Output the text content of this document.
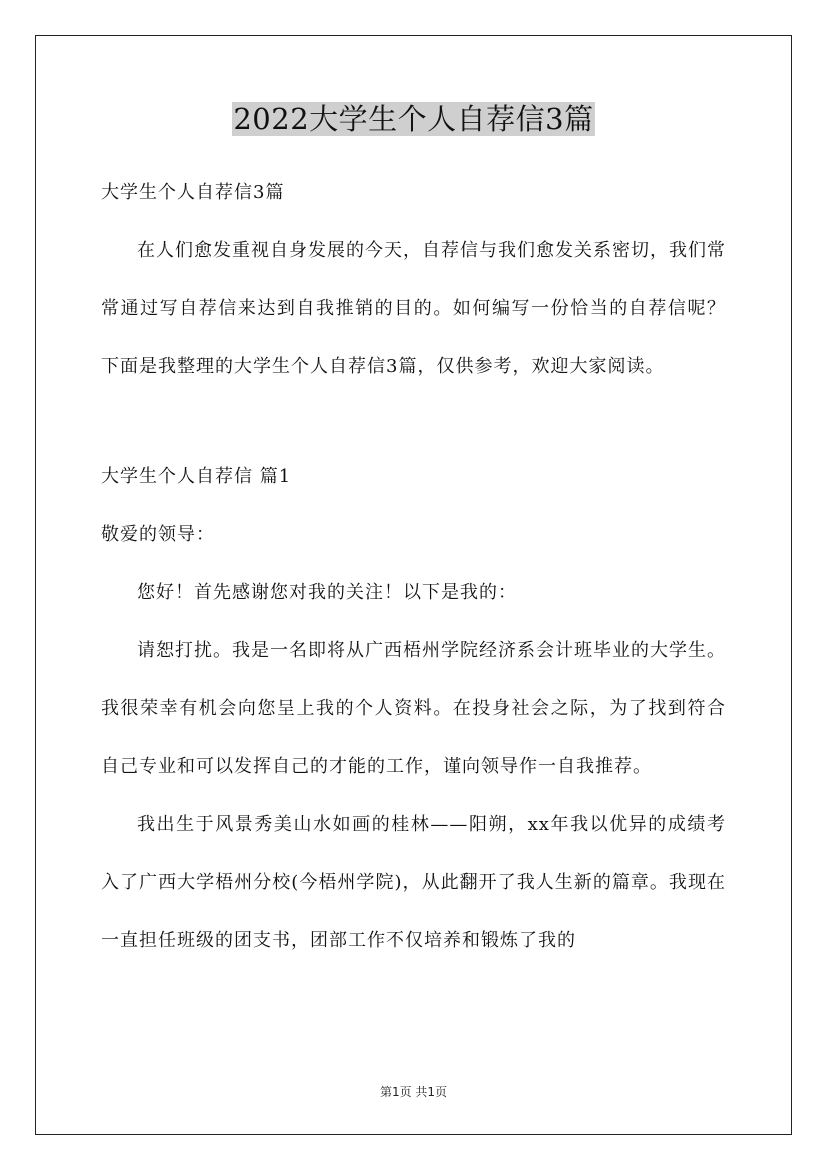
2022大学生个人自荐信3篇
大学生个人自荐信3篇

在人们愈发重视自身发展的今天，自荐信与我们愈发关系密切，我们常常通过写自荐信来达到自我推销的目的。如何编写一份恰当的自荐信呢？下面是我整理的大学生个人自荐信3篇，仅供参考，欢迎大家阅读。

大学生个人自荐信 篇1
敬爱的领导：

您好！首先感谢您对我的关注！以下是我的：

请恕打扰。我是一名即将从广西梧州学院经济系会计班毕业的大学生。我很荣幸有机会向您呈上我的个人资料。在投身社会之际，为了找到符合自己专业和可以发挥自己的才能的工作，谨向领导作一自我推荐。

我出生于风景秀美山水如画的桂林——阳朔，xx年我以优异的成绩考入了广西大学梧州分校(今梧州学院)，从此翻开了我人生新的篇章。我现在一直担任班级的团支书，团部工作不仅培养和锻炼了我的

第1页 共1页
